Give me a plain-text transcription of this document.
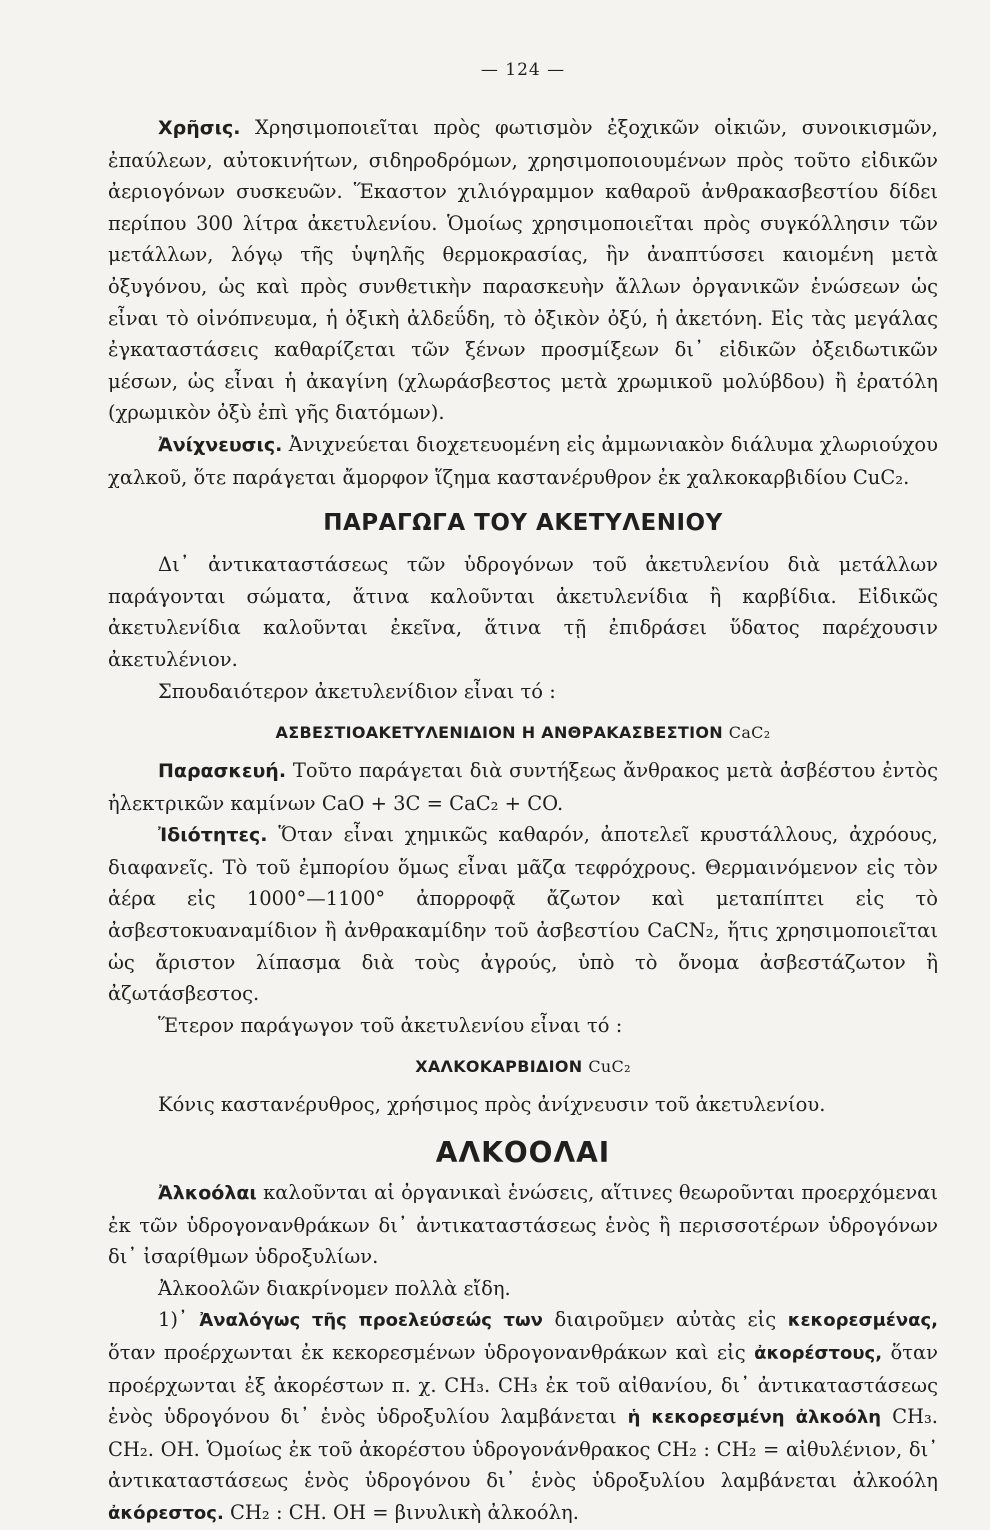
— 124 —

Χρῆσις. Χρησιμοποιεῖται πρὸς φωτισμὸν ἐξοχικῶν οἰκιῶν, συνοικισμῶν, ἐπαύλεων, αὐτοκινήτων, σιδηροδρόμων, χρησιμοποιουμένων πρὸς τοῦτο εἰδικῶν ἀεριογόνων συσκευῶν. Ἕκαστον χιλιόγραμμον καθαροῦ ἀνθρακασβεστίου δίδει περίπου 300 λίτρα ἀκετυλενίου. Ὁμοίως χρησιμοποιεῖται πρὸς συγκόλλησιν τῶν μετάλλων, λόγῳ τῆς ὑψηλῆς θερμοκρασίας, ἣν ἀναπτύσσει καιομένη μετὰ ὀξυγόνου, ὡς καὶ πρὸς συνθετικὴν παρασκευὴν ἄλλων ὀργανικῶν ἑνώσεων ὡς εἶναι τὸ οἰνόπνευμα, ἡ ὀξικὴ ἀλδεΰδη, τὸ ὀξικὸν ὀξύ, ἡ ἀκετόνη. Εἰς τὰς μεγάλας ἐγκαταστάσεις καθαρίζεται τῶν ξένων προσμίξεων δι᾿ εἰδικῶν ὀξειδωτικῶν μέσων, ὡς εἶναι ἡ ἀκαγίνη (χλωράσβεστος μετὰ χρωμικοῦ μολύβδου) ἢ ἐρατόλη (χρωμικὸν ὀξὺ ἐπὶ γῆς διατόμων).

Ἀνίχνευσις. Ἀνιχνεύεται διοχετευομένη εἰς ἀμμωνιακὸν διάλυμα χλωριούχου χαλκοῦ, ὅτε παράγεται ἄμορφον ἵζημα καστανέρυθρον ἐκ χαλκοκαρβιδίου CuC₂.

ΠΑΡΑΓΩΓΑ ΤΟΥ ΑΚΕΤΥΛΕΝΙΟΥ

Δι᾿ ἀντικαταστάσεως τῶν ὑδρογόνων τοῦ ἀκετυλενίου διὰ μετάλλων παράγονται σώματα, ἅτινα καλοῦνται ἀκετυλενίδια ἢ καρβίδια. Εἰδικῶς ἀκετυλενίδια καλοῦνται ἐκεῖνα, ἅτινα τῇ ἐπιδράσει ὕδατος παρέχουσιν ἀκετυλένιον.

Σπουδαιότερον ἀκετυλενίδιον εἶναι τό :

ΑΣΒΕΣΤΙΟΑΚΕΤΥΛΕΝΙΔΙΟΝ Η ΑΝΘΡΑΚΑΣΒΕΣΤΙΟΝ CaC₂

Παρασκευή. Τοῦτο παράγεται διὰ συντήξεως ἄνθρακος μετὰ ἀσβέστου ἐντὸς ἠλεκτρικῶν καμίνων CaO + 3C = CaC₂ + CO.

Ἰδιότητες. Ὅταν εἶναι χημικῶς καθαρόν, ἀποτελεῖ κρυστάλλους, ἀχρόους, διαφανεῖς. Τὸ τοῦ ἐμπορίου ὅμως εἶναι μᾶζα τεφρόχρους. Θερμαινόμενον εἰς τὸν ἀέρα εἰς 1000°—1100° ἀπορροφᾷ ἄζωτον καὶ μεταπίπτει εἰς τὸ ἀσβεστοκυαναμίδιον ἢ ἀνθρακαμίδην τοῦ ἀσβεστίου CaCN₂, ἥτις χρησιμοποιεῖται ὡς ἄριστον λίπασμα διὰ τοὺς ἀγρούς, ὑπὸ τὸ ὄνομα ἀσβεστάζωτον ἢ ἀζωτάσβεστος.

Ἕτερον παράγωγον τοῦ ἀκετυλενίου εἶναι τό :

ΧΑΛΚΟΚΑΡΒΙΔΙΟΝ CuC₂

Κόνις καστανέρυθρος, χρήσιμος πρὸς ἀνίχνευσιν τοῦ ἀκετυλενίου.

ΑΛΚΟΟΛΑΙ

Ἀλκοόλαι καλοῦνται αἱ ὀργανικαὶ ἑνώσεις, αἵτινες θεωροῦνται προερχόμεναι ἐκ τῶν ὑδρογονανθράκων δι᾿ ἀντικαταστάσεως ἑνὸς ἢ περισσοτέρων ὑδρογόνων δι᾿ ἰσαρίθμων ὑδροξυλίων.

Ἀλκοολῶν διακρίνομεν πολλὰ εἴδη.

1)᾿ Ἀναλόγως τῆς προελεύσεώς των διαιροῦμεν αὐτὰς εἰς κεκορεσμένας, ὅταν προέρχωνται ἐκ κεκορεσμένων ὑδρογονανθράκων καὶ εἰς ἀκορέστους, ὅταν προέρχωνται ἐξ ἀκορέστων π. χ. CH₃. CH₃ ἐκ τοῦ αἰθανίου, δι᾿ ἀντικαταστάσεως ἑνὸς ὑδρογόνου δι᾿ ἑνὸς ὑδροξυλίου λαμβάνεται ἡ κεκορεσμένη ἀλκοόλη CH₃. CH₂. OH. Ὁμοίως ἐκ τοῦ ἀκορέστου ὑδρογονάνθρακος CH₂ : CH₂ = αἰθυλένιον, δι᾿ ἀντικαταστάσεως ἑνὸς ὑδρογόνου δι᾿ ἑνὸς ὑδροξυλίου λαμβάνεται ἀλκοόλη ἀκόρεστος. CH₂ : CH. OH = βινυλικὴ ἀλκοόλη.
